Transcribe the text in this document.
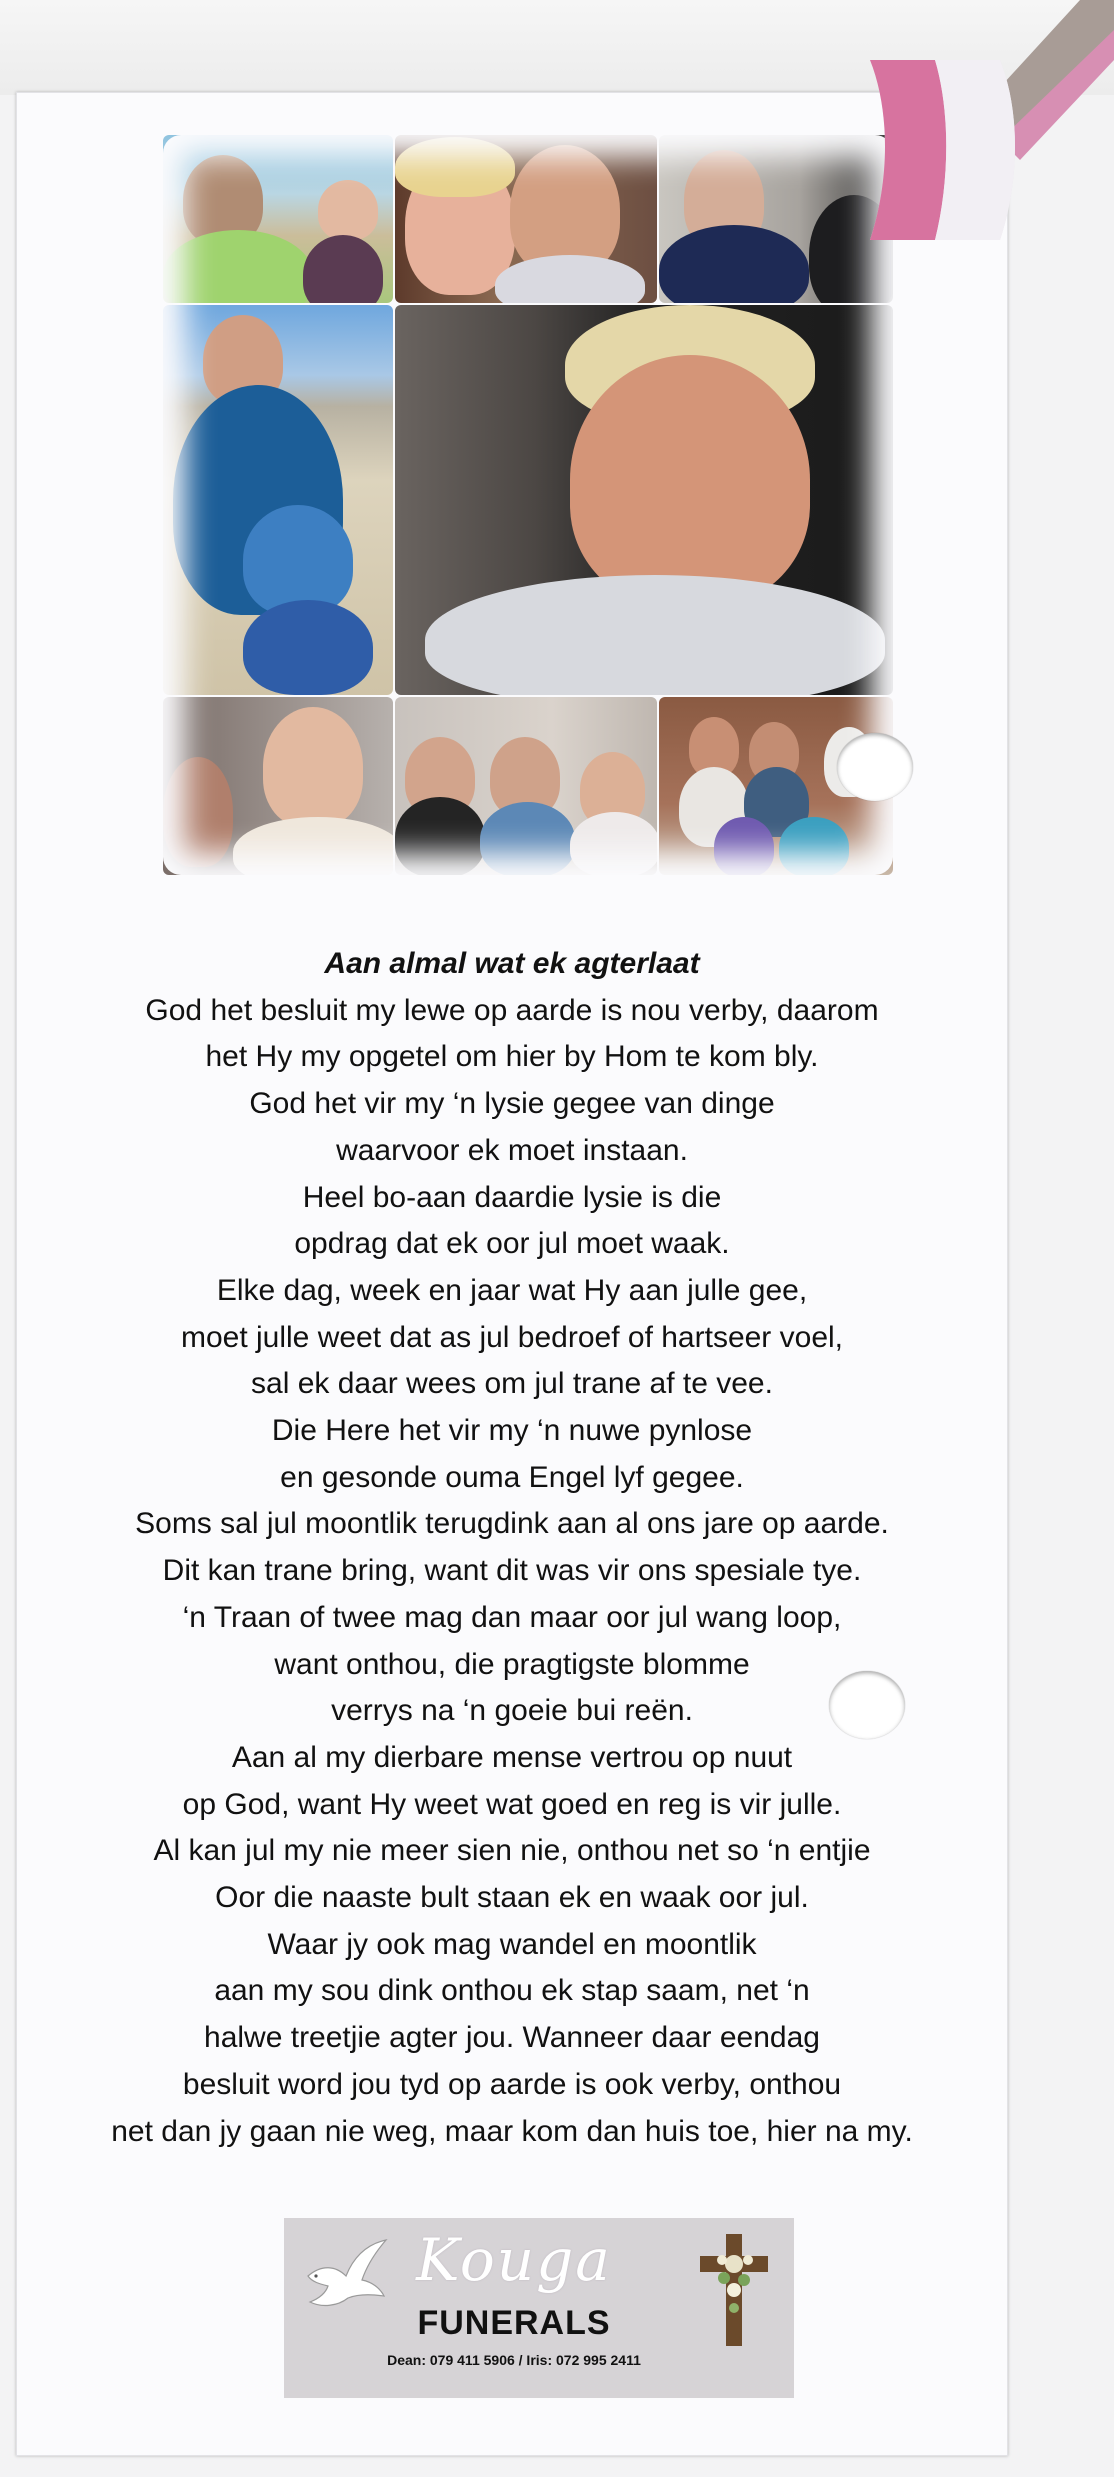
Aan almal wat ek agterlaat
God het besluit my lewe op aarde is nou verby, daarom
het Hy my opgetel om hier by Hom te kom bly.
God het vir my ‘n lysie gegee van dinge
waarvoor ek moet instaan.
Heel bo-aan daardie lysie is die
opdrag dat ek oor jul moet waak.
Elke dag, week en jaar wat Hy aan julle gee,
moet julle weet dat as jul bedroef of hartseer voel,
sal ek daar wees om jul trane af te vee.
Die Here het vir my ‘n nuwe pynlose
en gesonde ouma Engel lyf gegee.
Soms sal jul moontlik terugdink aan al ons jare op aarde.
Dit kan trane bring, want dit was vir ons spesiale tye.
‘n Traan of twee mag dan maar oor jul wang loop,
want onthou, die pragtigste blomme
verrys na ‘n goeie bui reën.
Aan al my dierbare mense vertrou op nuut
op God, want Hy weet wat goed en reg is vir julle.
Al kan jul my nie meer sien nie, onthou net so ‘n entjie
Oor die naaste bult staan ek en waak oor jul.
Waar jy ook mag wandel en moontlik
aan my sou dink onthou ek stap saam, net ‘n
halwe treetjie agter jou. Wanneer daar eendag
besluit word jou tyd op aarde is ook verby, onthou
net dan jy gaan nie weg, maar kom dan huis toe, hier na my.
Kouga
FUNERALS
Dean: 079 411 5906 / Iris: 072 995 2411
